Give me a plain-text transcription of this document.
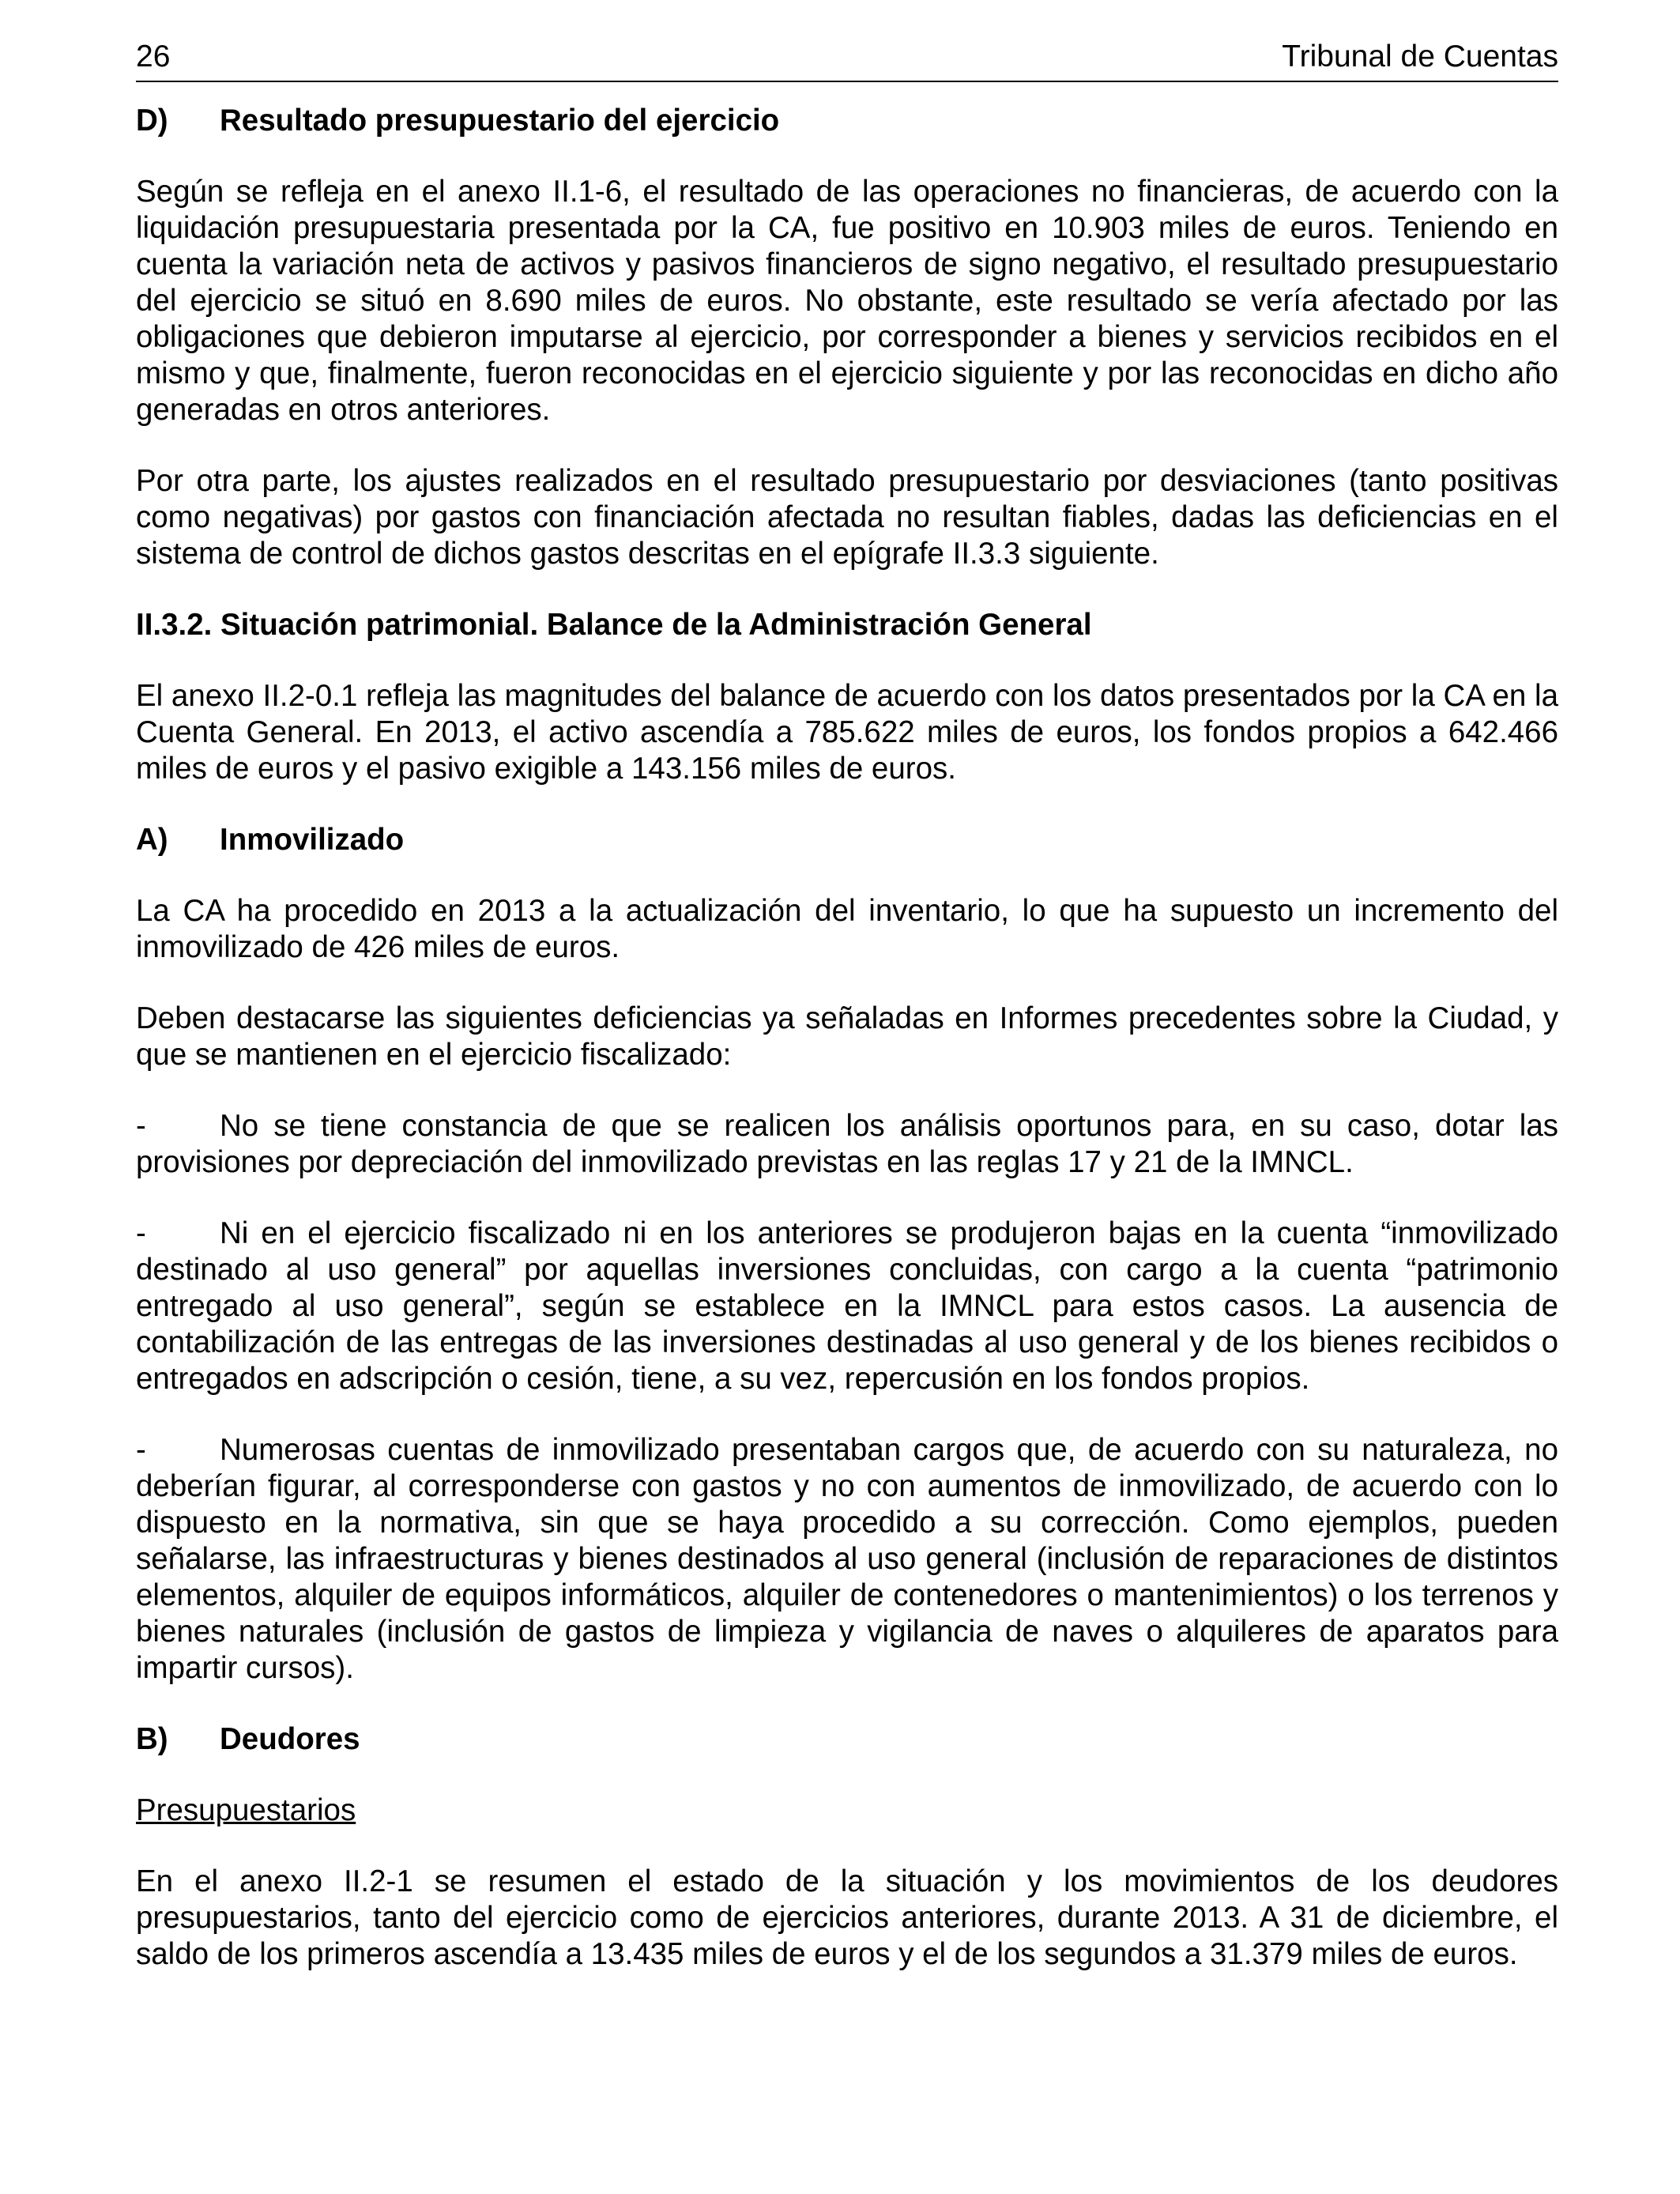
26	Tribunal de Cuentas
D)	Resultado presupuestario del ejercicio

Según se refleja en el anexo II.1-6, el resultado de las operaciones no financieras, de acuerdo con la liquidación presupuestaria presentada por la CA, fue positivo en 10.903 miles de euros. Teniendo en cuenta la variación neta de activos y pasivos financieros de signo negativo, el resultado presupuestario del ejercicio se situó en 8.690 miles de euros. No obstante, este resultado se vería afectado por las obligaciones que debieron imputarse al ejercicio, por corresponder a bienes y servicios recibidos en el mismo y que, finalmente, fueron reconocidas en el ejercicio siguiente y por las reconocidas en dicho año generadas en otros anteriores.

Por otra parte, los ajustes realizados en el resultado presupuestario por desviaciones (tanto positivas como negativas) por gastos con financiación afectada no resultan fiables, dadas las deficiencias en el sistema de control de dichos gastos descritas en el epígrafe II.3.3 siguiente.

II.3.2. Situación patrimonial. Balance de la Administración General

El anexo II.2-0.1 refleja las magnitudes del balance de acuerdo con los datos presentados por la CA en la Cuenta General. En 2013, el activo ascendía a 785.622 miles de euros, los fondos propios a 642.466 miles de euros y el pasivo exigible a 143.156 miles de euros.

A)	Inmovilizado

La CA ha procedido en 2013 a la actualización del inventario, lo que ha supuesto un incremento del inmovilizado de 426 miles de euros.

Deben destacarse las siguientes deficiencias ya señaladas en Informes precedentes sobre la Ciudad, y que se mantienen en el ejercicio fiscalizado:

- No se tiene constancia de que se realicen los análisis oportunos para, en su caso, dotar las provisiones por depreciación del inmovilizado previstas en las reglas 17 y 21 de la IMNCL.

- Ni en el ejercicio fiscalizado ni en los anteriores se produjeron bajas en la cuenta “inmovilizado destinado al uso general” por aquellas inversiones concluidas, con cargo a la cuenta “patrimonio entregado al uso general”, según se establece en la IMNCL para estos casos. La ausencia de contabilización de las entregas de las inversiones destinadas al uso general y de los bienes recibidos o entregados en adscripción o cesión, tiene, a su vez, repercusión en los fondos propios.

- Numerosas cuentas de inmovilizado presentaban cargos que, de acuerdo con su naturaleza, no deberían figurar, al corresponderse con gastos y no con aumentos de inmovilizado, de acuerdo con lo dispuesto en la normativa, sin que se haya procedido a su corrección. Como ejemplos, pueden señalarse, las infraestructuras y bienes destinados al uso general (inclusión de reparaciones de distintos elementos, alquiler de equipos informáticos, alquiler de contenedores o mantenimientos) o los terrenos y bienes naturales (inclusión de gastos de limpieza y vigilancia de naves o alquileres de aparatos para impartir cursos).

B)	Deudores

Presupuestarios

En el anexo II.2-1 se resumen el estado de la situación y los movimientos de los deudores presupuestarios, tanto del ejercicio como de ejercicios anteriores, durante 2013. A 31 de diciembre, el saldo de los primeros ascendía a 13.435 miles de euros y el de los segundos a 31.379 miles de euros.
